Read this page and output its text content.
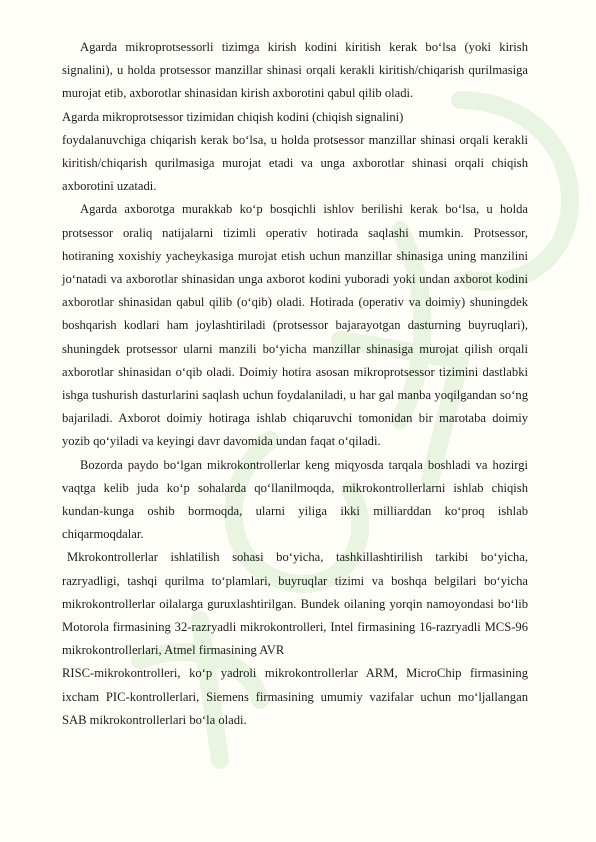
Agarda mikroprotsessorli tizimga kirish kodini kiritish kerak bo‘lsa (yoki kirish signalini), u holda protsessor manzillar shinasi orqali kerakli kiritish/chiqarish qurilmasiga murojat etib, axborotlar shinasidan kirish axborotini qabul qilib oladi.

Agarda mikroprotsessor tizimidan chiqish kodini (chiqish signalini)

foydalanuvchiga chiqarish kerak bo‘lsa, u holda protsessor manzillar shinasi orqali kerakli kiritish/chiqarish qurilmasiga murojat etadi va unga axborotlar shinasi orqali chiqish axborotini uzatadi.

Agarda axborotga murakkab ko‘p bosqichli ishlov berilishi kerak bo‘lsa, u holda protsessor oraliq natijalarni tizimli operativ hotirada saqlashi mumkin. Protsessor, hotiraning xoxishiy yacheykasiga murojat etish uchun manzillar shinasiga uning manzilini jo‘natadi va axborotlar shinasidan unga axborot kodini yuboradi yoki undan axborot kodini axborotlar shinasidan qabul qilib (o‘qib) oladi. Hotirada (operativ va doimiy) shuningdek boshqarish kodlari ham joylashtiriladi (protsessor bajarayotgan dasturning buyruqlari), shuningdek protsessor ularni manzili bo‘yicha manzillar shinasiga murojat qilish orqali axborotlar shinasidan o‘qib oladi. Doimiy hotira asosan mikroprotsessor tizimini dastlabki ishga tushurish dasturlarini saqlash uchun foydalaniladi, u har gal manba yoqilgandan so‘ng bajariladi. Axborot doimiy hotiraga ishlab chiqaruvchi tomonidan bir marotaba doimiy yozib qo‘yiladi va keyingi davr davomida undan faqat o‘qiladi.

Bozorda paydo bo‘lgan mikrokontrollerlar keng miqyosda tarqala boshladi va hozirgi vaqtga kelib juda ko‘p sohalarda qo‘llanilmoqda, mikrokontrollerlarni ishlab chiqish kundan-kunga oshib bormoqda, ularni yiliga ikki milliarddan ko‘proq ishlab chiqarmoqdalar.

Mkrokontrollerlar ishlatilish sohasi bo‘yicha, tashkillashtirilish tarkibi bo‘yicha, razryadligi, tashqi qurilma to‘plamlari, buyruqlar tizimi va boshqa belgilari bo‘yicha mikrokontrollerlar oilalarga guruxlashtirilgan. Bundek oilaning yorqin namoyondasi bo‘lib Motorola firmasining 32-razryadli mikrokontrolleri, Intel firmasining 16-razryadli MCS-96 mikrokontrollerlari, Atmel firmasining AVR

RISC-mikrokontrolleri, ko‘p yadroli mikrokontrollerlar ARM, MicroChip firmasining ixcham PIC-kontrollerlari, Siemens firmasining umumiy vazifalar uchun mo‘ljallangan SAB mikrokontrollerlari bo‘la oladi.
